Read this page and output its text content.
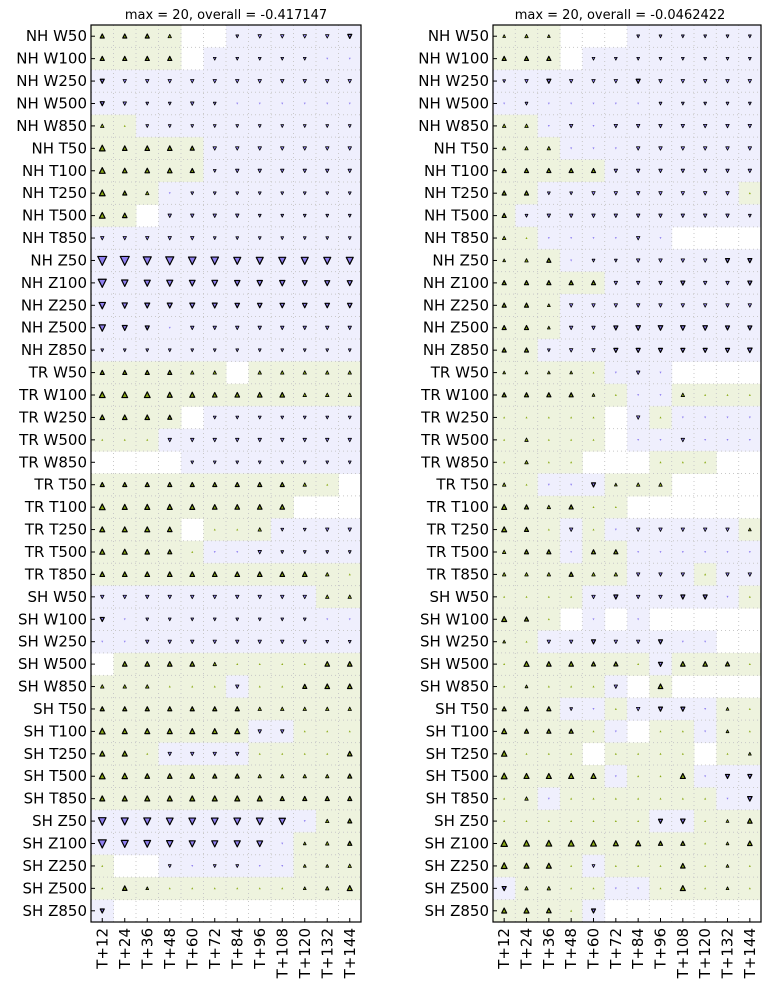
max = 20, overall = -0.417147	max = 20, overall = -0.0462422
NH W50
NH W100
NH W250
NH W500
NH W850
NH T50
NH T100
NH T250
NH T500
NH T850
NH Z50
NH Z100
NH Z250
NH Z500
NH Z850
TR W50
TR W100
TR W250
TR W500
TR W850
TR T50
TR T100
TR T250
TR T500
TR T850
SH W50
SH W100
SH W250
SH W500
SH W850
SH T50
SH T100
SH T250
SH T500
SH T850
SH Z50
SH Z100
SH Z250
SH Z500
SH Z850
T+12 T+24 T+36 T+48 T+60 T+72 T+84 T+96 T+108 T+120 T+132 T+144
NH W50
NH W100
NH W250
NH W500
NH W850
NH T50
NH T100
NH T250
NH T500
NH T850
NH Z50
NH Z100
NH Z250
NH Z500
NH Z850
TR W50
TR W100
TR W250
TR W500
TR W850
TR T50
TR T100
TR T250
TR T500
TR T850
SH W50
SH W100
SH W250
SH W500
SH W850
SH T50
SH T100
SH T250
SH T500
SH T850
SH Z50
SH Z100
SH Z250
SH Z500
SH Z850
T+12 T+24 T+36 T+48 T+60 T+72 T+84 T+96 T+108 T+120 T+132 T+144
